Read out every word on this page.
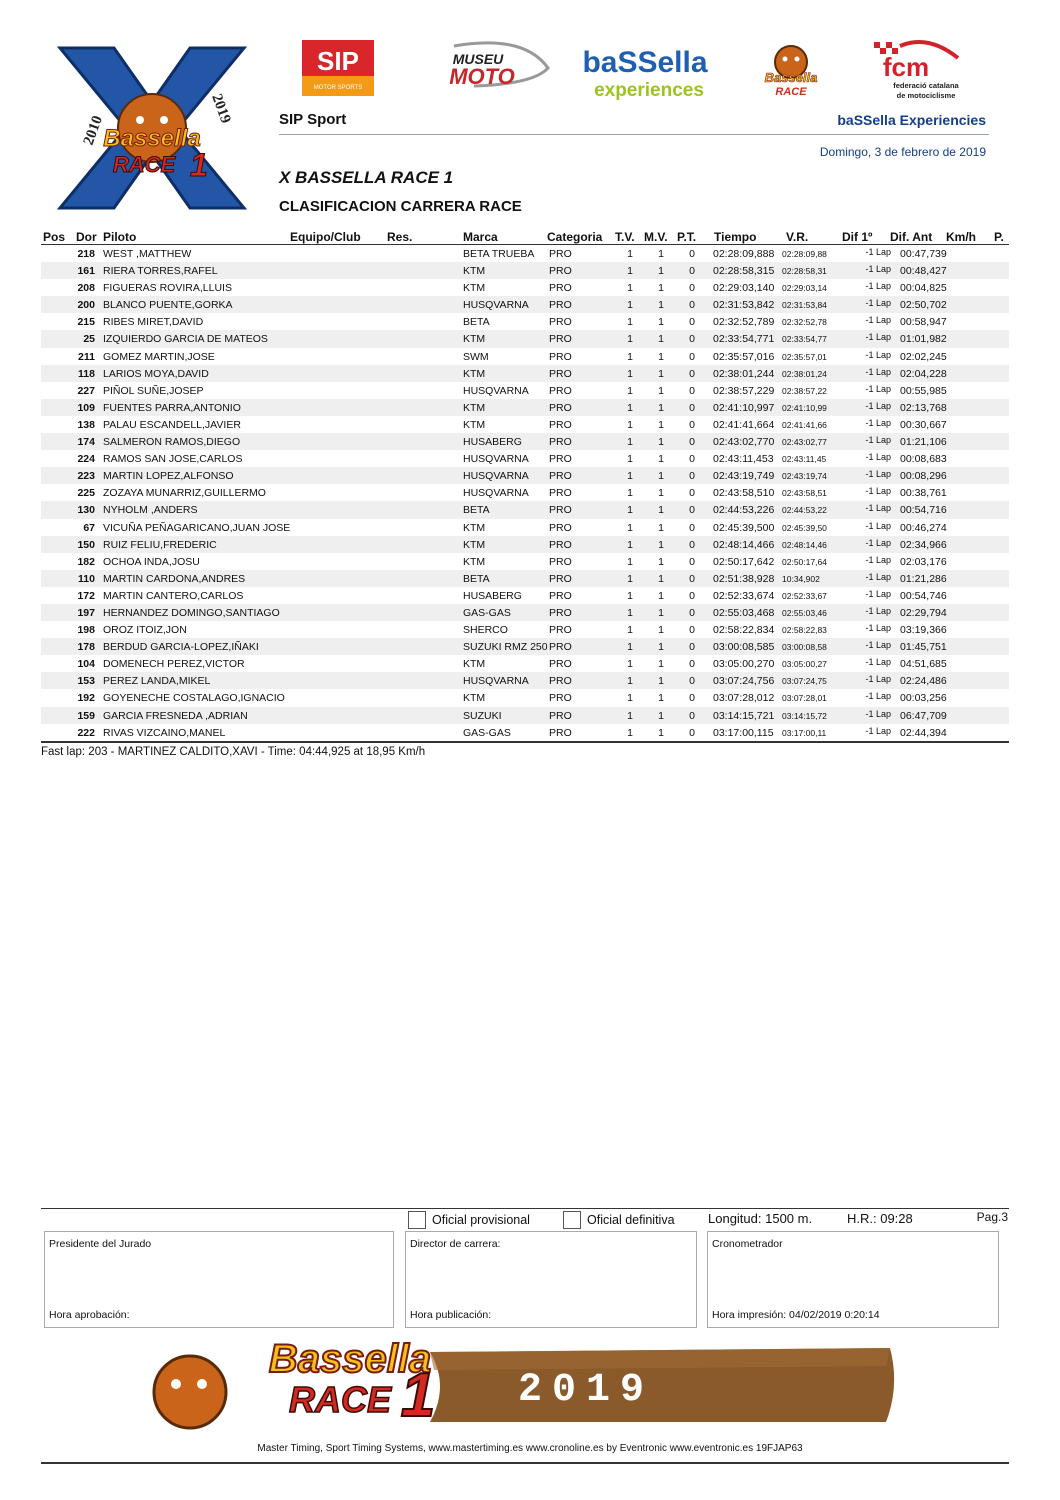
2010
2019
Bassella
RACE 1
SIP
MOTOR SPORTS
MUSEU
MOTO baSSella
experiences
Bassella
RACE
fcm
federació catalana
de motociclisme
SIP Sport	baSSella Experiencies
Domingo, 3 de febrero de 2019
X BASSELLA RACE 1
CLASIFICACION CARRERA RACE
Pos Dor Piloto	Equipo/Club Res.	Marca	Categoria T.V. M.V. P.T. Tiempo V.R.	Dif 1º Dif. Ant Km/h P.
218 WEST ,MATTHEW	BETA TRUEBA PRO	1 1 0 02:28:09,888 02:28:09,88	-1 Lap 00:47,739
161 RIERA TORRES,RAFEL	KTM	PRO	1 1 0 02:28:58,315 02:28:58,31	-1 Lap 00:48,427
208 FIGUERAS ROVIRA,LLUIS	KTM	PRO	1 1 0 02:29:03,140 02:29:03,14	-1 Lap 00:04,825
200 BLANCO PUENTE,GORKA	HUSQVARNA PRO	1 1 0 02:31:53,842 02:31:53,84	-1 Lap 02:50,702
215 RIBES MIRET,DAVID	BETA	PRO	1 1 0 02:32:52,789 02:32:52,78	-1 Lap 00:58,947
25 IZQUIERDO GARCIA DE MATEOS	KTM	PRO	1 1 0 02:33:54,771 02:33:54,77	-1 Lap 01:01,982
211 GOMEZ MARTIN,JOSE	SWM	PRO	1 1 0 02:35:57,016 02:35:57,01	-1 Lap 02:02,245
118 LARIOS MOYA,DAVID	KTM	PRO	1 1 0 02:38:01,244 02:38:01,24	-1 Lap 02:04,228
227 PIÑOL SUÑE,JOSEP	HUSQVARNA PRO	1 1 0 02:38:57,229 02:38:57,22	-1 Lap 00:55,985
109 FUENTES PARRA,ANTONIO	KTM	PRO	1 1 0 02:41:10,997 02:41:10,99	-1 Lap 02:13,768
138 PALAU ESCANDELL,JAVIER	KTM	PRO	1 1 0 02:41:41,664 02:41:41,66	-1 Lap 00:30,667
174 SALMERON RAMOS,DIEGO	HUSABERG	PRO	1 1 0 02:43:02,770 02:43:02,77	-1 Lap 01:21,106
224 RAMOS SAN JOSE,CARLOS	HUSQVARNA PRO	1 1 0 02:43:11,453 02:43:11,45	-1 Lap 00:08,683
223 MARTIN LOPEZ,ALFONSO	HUSQVARNA PRO	1 1 0 02:43:19,749 02:43:19,74	-1 Lap 00:08,296
225 ZOZAYA MUNARRIZ,GUILLERMO	HUSQVARNA PRO	1 1 0 02:43:58,510 02:43:58,51	-1 Lap 00:38,761
130 NYHOLM ,ANDERS	BETA	PRO	1 1 0 02:44:53,226 02:44:53,22	-1 Lap 00:54,716
67 VICUÑA PEÑAGARICANO,JUAN JOSE	KTM	PRO	1 1 0 02:45:39,500 02:45:39,50	-1 Lap 00:46,274
150 RUIZ FELIU,FREDERIC	KTM	PRO	1 1 0 02:48:14,466 02:48:14,46	-1 Lap 02:34,966
182 OCHOA INDA,JOSU	KTM	PRO	1 1 0 02:50:17,642 02:50:17,64	-1 Lap 02:03,176
110 MARTIN CARDONA,ANDRES	BETA	PRO	1 1 0 02:51:38,928 10:34,902	-1 Lap 01:21,286
172 MARTIN CANTERO,CARLOS	HUSABERG	PRO	1 1 0 02:52:33,674 02:52:33,67	-1 Lap 00:54,746
197 HERNANDEZ DOMINGO,SANTIAGO	GAS-GAS	PRO	1 1 0 02:55:03,468 02:55:03,46	-1 Lap 02:29,794
198 OROZ ITOIZ,JON	SHERCO	PRO	1 1 0 02:58:22,834 02:58:22,83	-1 Lap 03:19,366
178 BERDUD GARCIA-LOPEZ,IÑAKI	SUZUKI RMZ 250 PRO	1 1 0 03:00:08,585 03:00:08,58	-1 Lap 01:45,751
104 DOMENECH PEREZ,VICTOR	KTM	PRO	1 1 0 03:05:00,270 03:05:00,27	-1 Lap 04:51,685
153 PEREZ LANDA,MIKEL	HUSQVARNA PRO	1 1 0 03:07:24,756 03:07:24,75	-1 Lap 02:24,486
192 GOYENECHE COSTALAGO,IGNACIO	KTM	PRO	1 1 0 03:07:28,012 03:07:28,01	-1 Lap 00:03,256
159 GARCIA FRESNEDA ,ADRIAN	SUZUKI	PRO	1 1 0 03:14:15,721 03:14:15,72	-1 Lap 06:47,709
222 RIVAS VIZCAINO,MANEL	GAS-GAS	PRO	1 1 0 03:17:00,115 03:17:00,11	-1 Lap 02:44,394
Fast lap: 203 - MARTINEZ CALDITO,XAVI - Time: 04:44,925 at 18,95 Km/h
Oficial provisional	Oficial definitiva	Longitud: 1500 m.	H.R.: 09:28	Pag.3
Presidente del Jurado
Hora aprobación:
Director de carrera:
Hora publicación:
Cronometrador
Hora impresión: 04/02/2019 0:20:14
Bassella
RACE 1 2019
Master Timing, Sport Timing Systems, www.mastertiming.es www.cronoline.es by Eventronic www.eventronic.es 19FJAP63
